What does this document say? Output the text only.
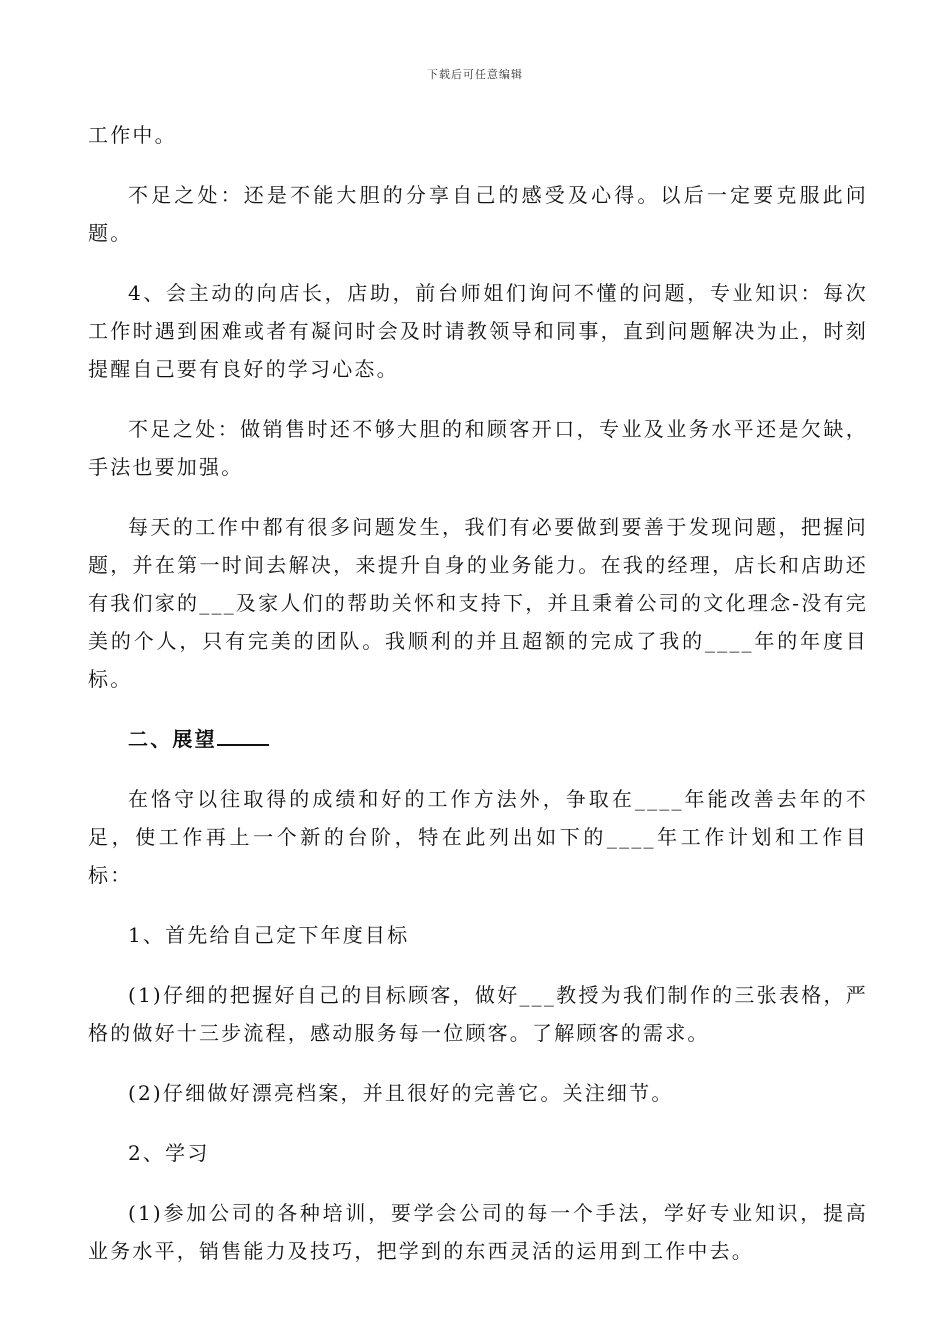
下载后可任意编辑

工作中。

不足之处：还是不能大胆的分享自己的感受及心得。以后一定要克服此问题。

4、会主动的向店长，店助，前台师姐们询问不懂的问题，专业知识：每次工作时遇到困难或者有凝问时会及时请教领导和同事，直到问题解决为止，时刻提醒自己要有良好的学习心态。

不足之处：做销售时还不够大胆的和顾客开口，专业及业务水平还是欠缺，手法也要加强。

每天的工作中都有很多问题发生，我们有必要做到要善于发现问题，把握问题，并在第一时间去解决，来提升自身的业务能力。在我的经理，店长和店助还有我们家的___及家人们的帮助关怀和支持下，并且秉着公司的文化理念-没有完美的个人，只有完美的团队。我顺利的并且超额的完成了我的____年的年度目标。

二、展望

在恪守以往取得的成绩和好的工作方法外，争取在____年能改善去年的不足，使工作再上一个新的台阶，特在此列出如下的____年工作计划和工作目标：

1、首先给自己定下年度目标

(1)仔细的把握好自己的目标顾客，做好___教授为我们制作的三张表格，严格的做好十三步流程，感动服务每一位顾客。了解顾客的需求。

(2)仔细做好漂亮档案，并且很好的完善它。关注细节。

2、学习

(1)参加公司的各种培训，要学会公司的每一个手法，学好专业知识，提高业务水平，销售能力及技巧，把学到的东西灵活的运用到工作中去。
